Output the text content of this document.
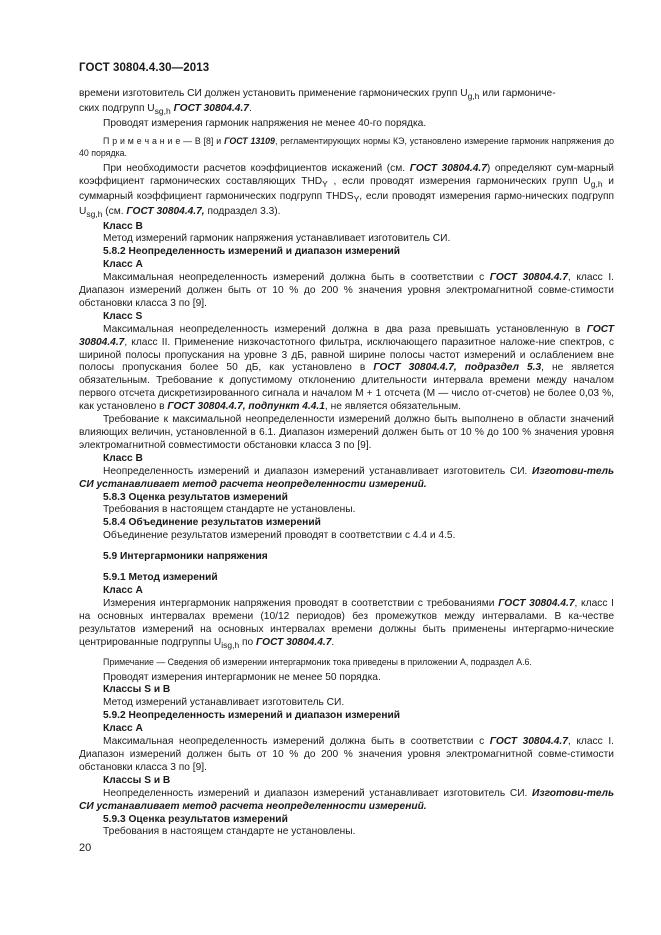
ГОСТ 30804.4.30—2013

времени изготовитель СИ должен установить применение гармонических групп $U_{g,h}$ или гармониче-
ских подгрупп $U_{sg,h}$ ГОСТ 30804.4.7.

Проводят измерения гармоник напряжения не менее 40-го порядка.

П р и м е ч а н и е — В [8] и ГОСТ 13109, регламентирующих нормы КЭ, установлено измерение гармоник напряжения до 40 порядка.

При необходимости расчетов коэффициентов искажений (см. ГОСТ 30804.4.7) определяют сум-марный коэффициент гармонических составляющих $THD_Y$ , если проводят измерения гармонических групп $U_{g,h}$ и суммарный коэффициент гармонических подгрупп $THDS_Y$, если проводят измерения гармо-нических подгрупп $U_{sg,h}$ (см. ГОСТ 30804.4.7, подраздел 3.3).

Класс B

Метод измерений гармоник напряжения устанавливает изготовитель СИ.

5.8.2 Неопределенность измерений и диапазон измерений

Класс A

Максимальная неопределенность измерений должна быть в соответствии с ГОСТ 30804.4.7, класс I. Диапазон измерений должен быть от 10 % до 200 % значения уровня электромагнитной совме-стимости обстановки класса 3 по [9].

Класс S

Максимальная неопределенность измерений должна в два раза превышать установленную в ГОСТ 30804.4.7, класс II. Применение низкочастотного фильтра, исключающего паразитное наложе-ние спектров, с шириной полосы пропускания на уровне 3 дБ, равной ширине полосы частот измерений и ослаблением вне полосы пропускания более 50 дБ, как установлено в ГОСТ 30804.4.7, подраздел 5.3, не является обязательным. Требование к допустимому отклонению длительности интервала времени между началом первого отсчета дискретизированного сигнала и началом M + 1 отсчета (M — число от-счетов) не более 0,03 %, как установлено в ГОСТ 30804.4.7, подпункт 4.4.1, не является обязательным.

Требование к максимальной неопределенности измерений должно быть выполнено в области значений влияющих величин, установленной в 6.1. Диапазон измерений должен быть от 10 % до 100 % значения уровня электромагнитной совместимости обстановки класса 3 по [9].

Класс B

Неопределенность измерений и диапазон измерений устанавливает изготовитель СИ. Изготови-тель СИ устанавливает метод расчета неопределенности измерений.

5.8.3 Оценка результатов измерений

Требования в настоящем стандарте не установлены.

5.8.4 Объединение результатов измерений

Объединение результатов измерений проводят в соответствии с 4.4 и 4.5.

5.9 Интергармоники напряжения

5.9.1 Метод измерений

Класс A

Измерения интергармоник напряжения проводят в соответствии с требованиями ГОСТ 30804.4.7, класс I на основных интервалах времени (10/12 периодов) без промежутков между интервалами. В ка-честве результатов измерений на основных интервалах времени должны быть применены интергармо-нические центрированные подгруппы $U_{isg,h}$ по ГОСТ 30804.4.7.

Примечание — Сведения об измерении интергармоник тока приведены в приложении А, подраздел А.6.

Проводят измерения интергармоник не менее 50 порядка.

Классы S и B

Метод измерений устанавливает изготовитель СИ.

5.9.2 Неопределенность измерений и диапазон измерений

Класс A

Максимальная неопределенность измерений должна быть в соответствии с ГОСТ 30804.4.7, класс I. Диапазон измерений должен быть от 10 % до 200 % значения уровня электромагнитной совме-стимости обстановки класса 3 по [9].

Классы S и B

Неопределенность измерений и диапазон измерений устанавливает изготовитель СИ. Изготови-тель СИ устанавливает метод расчета неопределенности измерений.

5.9.3 Оценка результатов измерений

Требования в настоящем стандарте не установлены.

20
